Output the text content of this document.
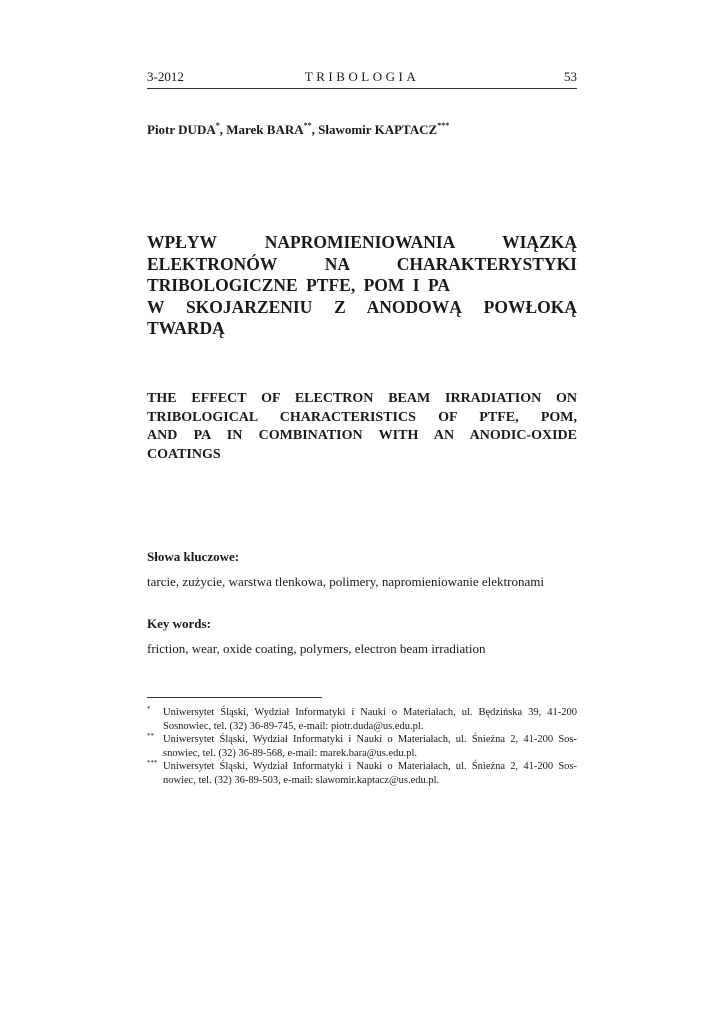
3-2012	TRIBOLOGIA	53
Piotr DUDA*, Marek BARA**, Sławomir KAPTACZ***
WPŁYW NAPROMIENIOWANIA WIĄZKĄ
ELEKTRONÓW NA CHARAKTERYSTYKI
TRIBOLOGICZNE PTFE, POM I PA
W SKOJARZENIU Z ANODOWĄ POWŁOKĄ
TWARDĄ
THE EFFECT OF ELECTRON BEAM IRRADIATION ON
TRIBOLOGICAL CHARACTERISTICS OF PTFE, POM,
AND PA IN COMBINATION WITH AN ANODIC-OXIDE
COATINGS
Słowa kluczowe:
tarcie, zużycie, warstwa tlenkowa, polimery, napromieniowanie elektronami
Key words:
friction, wear, oxide coating, polymers, electron beam irradiation
* Uniwersytet Śląski, Wydział Informatyki i Nauki o Materiałach, ul. Będzińska 39, 41-200
Sosnowiec, tel. (32) 36-89-745, e-mail: piotr.duda@us.edu.pl.
** Uniwersytet Śląski, Wydział Informatyki i Nauki o Materiałach, ul. Śnieżna 2, 41-200 Sos-
snowiec, tel. (32) 36-89-568, e-mail: marek.bara@us.edu.pl.
*** Uniwersytet Śląski, Wydział Informatyki i Nauki o Materiałach, ul. Śnieżna 2, 41-200 Sos-
nowiec, tel. (32) 36-89-503, e-mail: slawomir.kaptacz@us.edu.pl.
